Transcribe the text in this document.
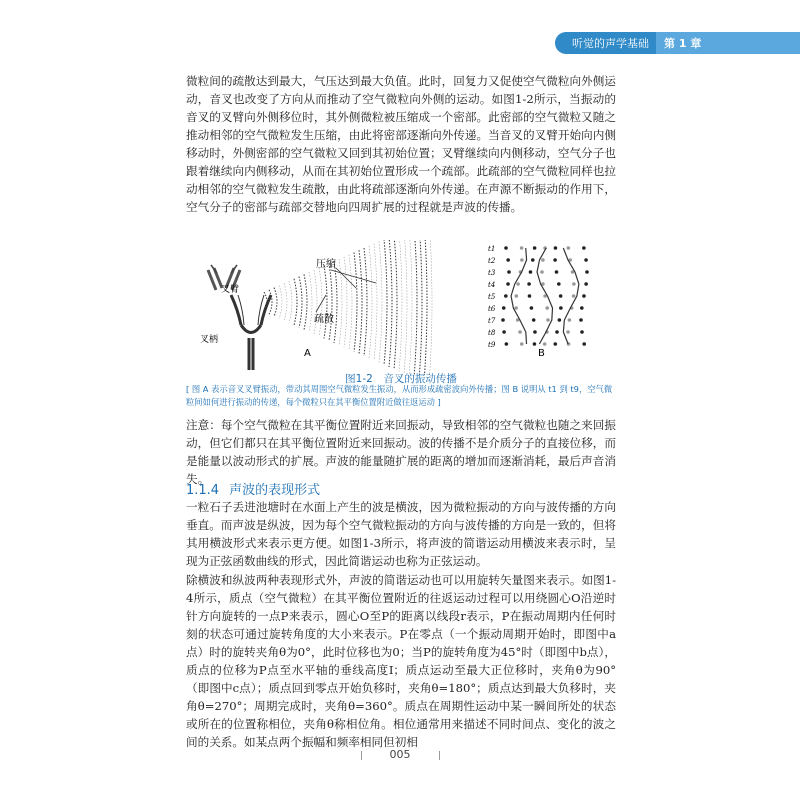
听觉的声学基础 第 1 章
微粒间的疏散达到最大，气压达到最大负值。此时，回复力又促使空气微粒向外侧运动，音叉也改变了方向从而推动了空气微粒向外侧的运动。如图1-2所示，当振动的音叉的叉臂向外侧移位时，其外侧微粒被压缩成一个密部。此密部的空气微粒又随之推动相邻的空气微粒发生压缩，由此将密部逐渐向外传递。当音叉的叉臂开始向内侧移动时，外侧密部的空气微粒又回到其初始位置；叉臂继续向内侧移动，空气分子也跟着继续向内侧移动，从而在其初始位置形成一个疏部。此疏部的空气微粒同样也拉动相邻的空气微粒发生疏散，由此将疏部逐渐向外传递。在声源不断振动的作用下，空气分子的密部与疏部交替地向四周扩展的过程就是声波的传播。
压缩
疏散
叉臂
叉柄
A
t1
t2
t3
t4
t5
t6
t7
t8
t9
B
图1-2　音叉的振动传播
[ 图 A 表示音叉叉臂振动，带动其周围空气微粒发生振动，从而形成疏密波向外传播；图 B 说明从 t1 到 t9，空气微粒间如何进行振动的传递，每个微粒只在其平衡位置附近做往返运动 ]
注意：每个空气微粒在其平衡位置附近来回振动，导致相邻的空气微粒也随之来回振动，但它们都只在其平衡位置附近来回振动。波的传播不是介质分子的直接位移，而是能量以波动形式的扩展。声波的能量随扩展的距离的增加而逐渐消耗，最后声音消失。
1.1.4 声波的表现形式
一粒石子丢进池塘时在水面上产生的波是横波，因为微粒振动的方向与波传播的方向垂直。而声波是纵波，因为每个空气微粒振动的方向与波传播的方向是一致的，但将其用横波形式来表示更方便。如图1-3所示，将声波的简谐运动用横波来表示时，呈现为正弦函数曲线的形式，因此简谐运动也称为正弦运动。
除横波和纵波两种表现形式外，声波的简谐运动也可以用旋转矢量图来表示。如图1-4所示，质点（空气微粒）在其平衡位置附近的往返运动过程可以用绕圆心O沿逆时针方向旋转的一点P来表示，圆心O至P的距离以线段r表示，P在振动周期内任何时刻的状态可通过旋转角度的大小来表示。P在零点（一个振动周期开始时，即图中a点）时的旋转夹角θ为0°，此时位移也为0；当P的旋转角度为45°时（即图中b点），质点的位移为P点至水平轴的垂线高度I；质点运动至最大正位移时，夹角θ为90°（即图中c点）；质点回到零点开始负移时，夹角θ=180°；质点达到最大负移时，夹角θ=270°；周期完成时，夹角θ=360°。质点在周期性运动中某一瞬间所处的状态或所在的位置称相位，夹角θ称相位角。相位通常用来描述不同时间点、变化的波之间的关系。如某点两个振幅和频率相同但初相
005
